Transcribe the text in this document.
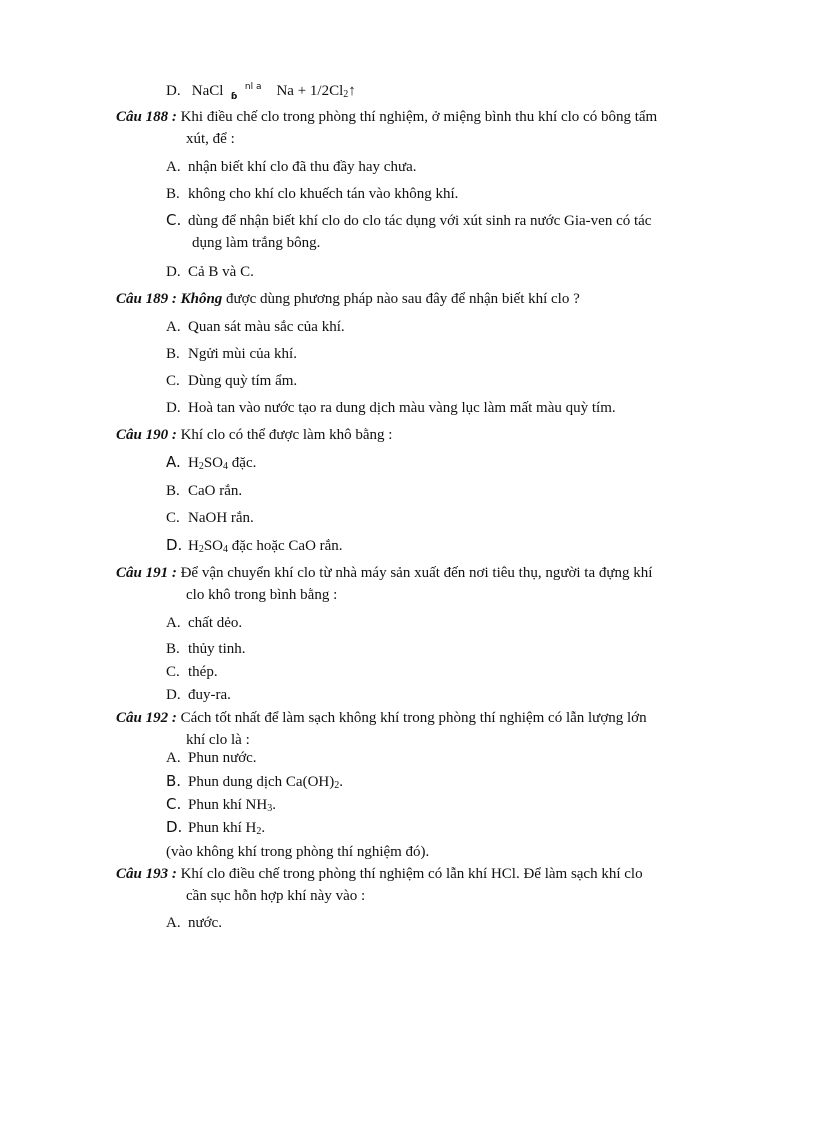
D. NaCl $_ɓ$  $^{nl a}$ $Na + 1/2Cl_2↑$
Câu 188 : Khi điều chế clo trong phòng thí nghiệm, ở miệng bình thu khí clo có bông tẩm
xút, để :
A. nhận biết khí clo đã thu đầy hay chưa.
B. không cho khí clo khuếch tán vào không khí.
C. dùng để nhận biết khí clo do clo tác dụng với xút sinh ra nước Gia-ven có tác
dụng làm trắng bông.
D. Cả B và C.
Câu 189 : Không được dùng phương pháp nào sau đây để nhận biết khí clo ?
A. Quan sát màu sắc của khí.
B. Ngửi mùi của khí.
C. Dùng quỳ tím ẩm.
D. Hoà tan vào nước tạo ra dung dịch màu vàng lục làm mất màu quỳ tím.
Câu 190 : Khí clo có thể được làm khô bằng :
A. $H_2SO_4$ đặc.
B. CaO rắn.
C. NaOH rắn.
D. $H_2SO_4$ đặc hoặc CaO rắn.
Câu 191 : Để vận chuyển khí clo từ nhà máy sản xuất đến nơi tiêu thụ, người ta đựng khí
clo khô trong bình bằng :
A. chất dẻo.
B. thủy tinh.
C. thép.
D. đuy-ra.
Câu 192 : Cách tốt nhất để làm sạch không khí trong phòng thí nghiệm có lẫn lượng lớn
khí clo là :
A. Phun nước.
B. Phun dung dịch $Ca(OH)_2$.
C. Phun khí $NH_3$.
D. Phun khí $H_2$.
(vào không khí trong phòng thí nghiệm đó).
Câu 193 : Khí clo điều chế trong phòng thí nghiệm có lẫn khí HCl. Để làm sạch khí clo
cần sục hỗn hợp khí này vào :
A. nước.
